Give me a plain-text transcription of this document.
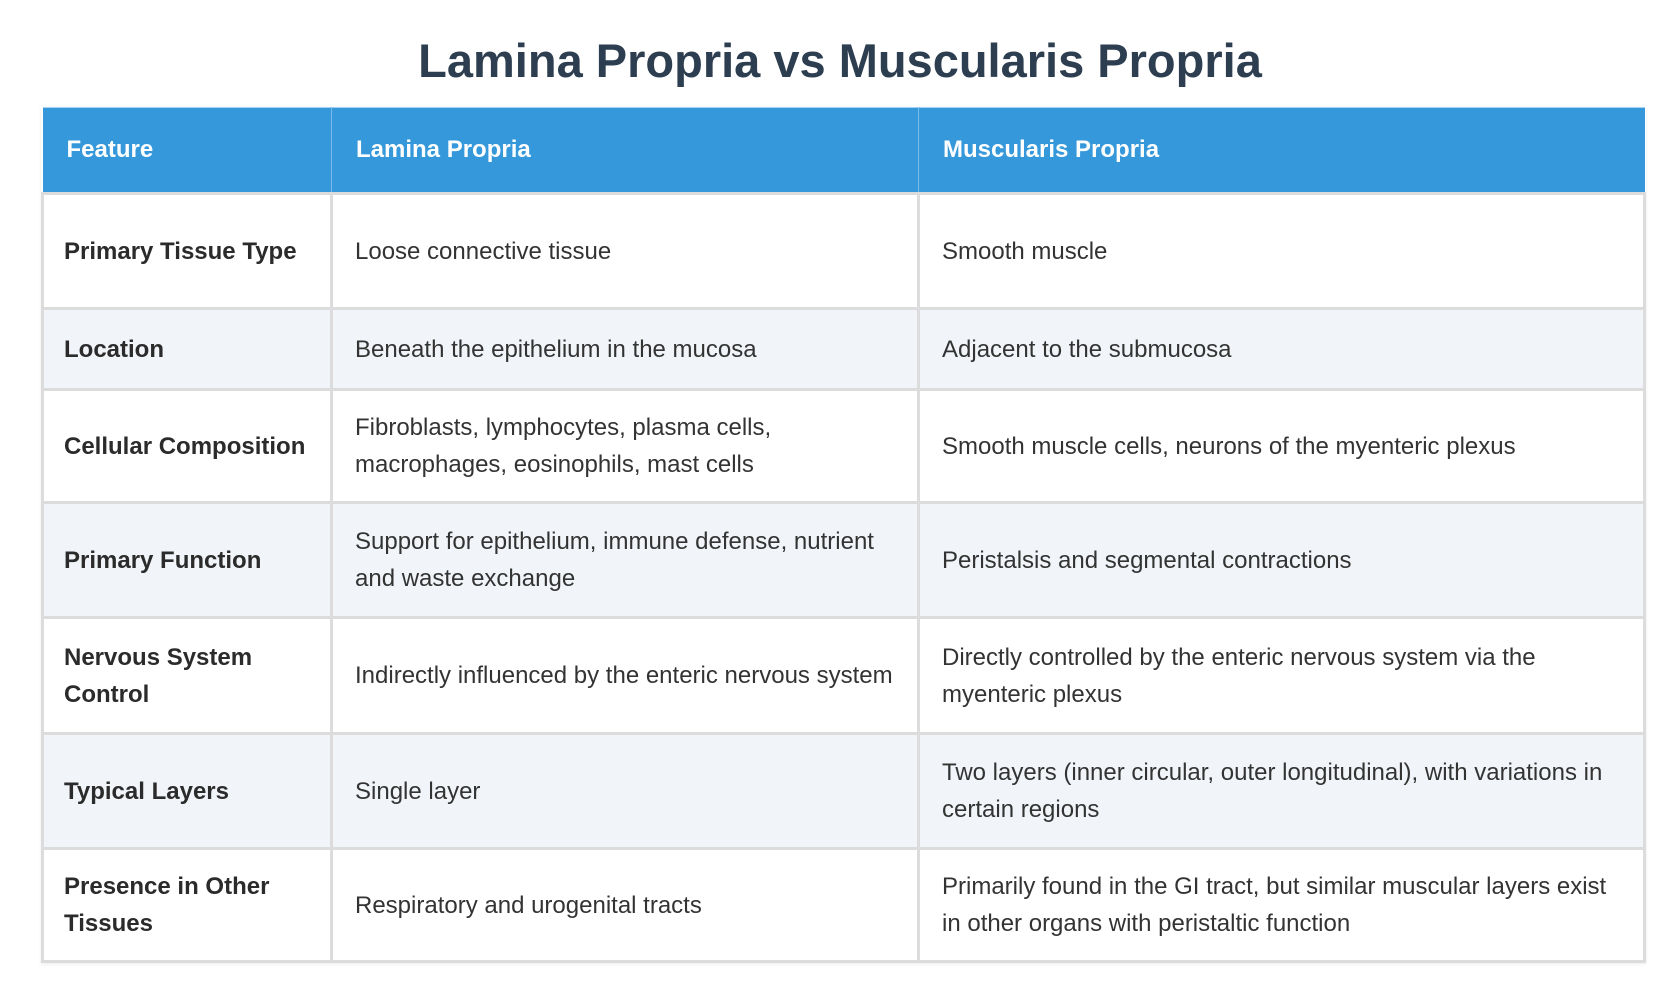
Lamina Propria vs Muscularis Propria
Feature	Lamina Propria	Muscularis Propria
Primary Tissue Type	Loose connective tissue	Smooth muscle
Location	Beneath the epithelium in the mucosa	Adjacent to the submucosa
Cellular Composition	Fibroblasts, lymphocytes, plasma cells, macrophages, eosinophils, mast cells	Smooth muscle cells, neurons of the myenteric plexus
Primary Function	Support for epithelium, immune defense, nutrient and waste exchange	Peristalsis and segmental contractions
Nervous System Control	Indirectly influenced by the enteric nervous system	Directly controlled by the enteric nervous system via the myenteric plexus
Typical Layers	Single layer	Two layers (inner circular, outer longitudinal), with variations in certain regions
Presence in Other Tissues	Respiratory and urogenital tracts	Primarily found in the GI tract, but similar muscular layers exist in other organs with peristaltic function
